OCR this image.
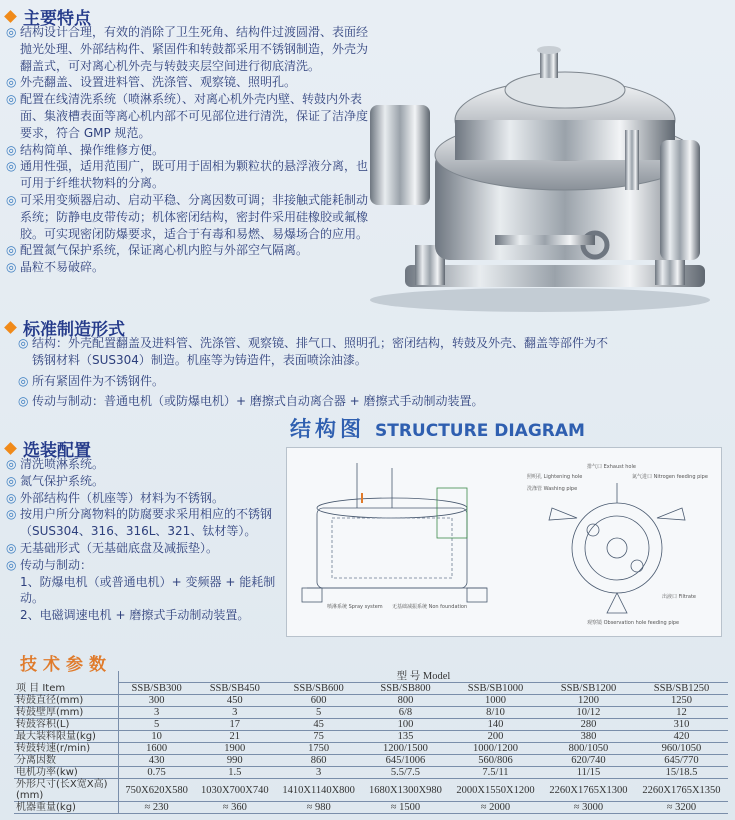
主要特点
◎ 结构设计合理，有效的消除了卫生死角、结构件过渡圆滑、表面经抛光处理、外部结构件、紧固件和转鼓都采用不锈钢制造，外壳为翻盖式，可对离心机外壳与转鼓夹层空间进行彻底清洗。
◎ 外壳翻盖、设置进料管、洗涤管、观察镜、照明孔。
◎ 配置在线清洗系统（喷淋系统）、对离心机外壳内壁、转鼓内外表面、集液槽表面等离心机内部不可见部位进行清洗，保证了洁净度要求，符合 GMP 规范。
◎ 结构简单、操作维修方便。
◎ 通用性强，适用范围广，既可用于固相为颗粒状的悬浮液分离，也可用于纤维状物料的分离。
◎ 可采用变频器启动、启动平稳、分离因数可调；非接触式能耗制动系统；防静电皮带传动；机体密闭结构，密封件采用硅橡胶或氟橡胶。可实现密闭防爆要求，适合于有毒和易燃、易爆场合的应用。
◎ 配置氮气保护系统，保证离心机内腔与外部空气隔离。
◎ 晶粒不易破碎。
标准制造形式
◎ 结构：外壳配置翻盖及进料管、洗涤管、观察镜、排气口、照明孔；密闭结构，转鼓及外壳、翻盖等部件为不锈钢材料（SUS304）制造。机座等为铸造件，表面喷涂油漆。
◎ 所有紧固件为不锈钢件。
◎ 传动与制动：普通电机（或防爆电机）+ 磨擦式自动离合器 + 磨擦式手动制动装置。
选装配置
◎ 清洗喷淋系统。
◎ 氮气保护系统。
◎ 外部结构件（机座等）材料为不锈钢。
◎ 按用户所分离物料的防腐要求采用相应的不锈钢（SUS304、316、316L、321、钛材等）。
◎ 无基础形式（无基础底盘及减振垫）。
◎ 传动与制动：
1、防爆电机（或普通电机）+ 变频器 + 能耗制动。
2、电磁调速电机 + 磨擦式手动制动装置。
结构图 STRUCTURE DIAGRAM
喷淋系统 Spray system 无基础减振系统 Non foundation
照明孔 Lightening hole
洗涤管 Washing pipe
排气口 Exhaust hole
氮气进口 Nitrogen feeding pipe
出液口 Filtrate
观察镜 Observation hole feeding pipe
技术参数
	型 号 Model						
项 目 Item	SSB/SB300	SSB/SB450	SSB/SB600	SSB/SB800	SSB/SB1000	SSB/SB1200	SSB/SB1250
转鼓直径(mm)	300	450	600	800	1000	1200	1250
转鼓壁厚(mm)	3	3	5	6/8	8/10	10/12	12
转鼓容积(L)	5	17	45	100	140	280	310
最大装料限量(kg)	10	21	75	135	200	380	420
转鼓转速(r/min)	1600	1900	1750	1200/1500	1000/1200	800/1050	960/1050
分离因数	430	990	860	645/1006	560/806	620/740	645/770
电机功率(kw)	0.75	1.5	3	5.5/7.5	7.5/11	11/15	15/18.5
外形尺寸(长X宽X高)(mm)	750X620X580	1030X700X740	1410X1140X800	1680X1300X980	2000X1550X1200	2260X1765X1300	2260X1765X1350
机器重量(kg)	≈ 230	≈ 360	≈ 980	≈ 1500	≈ 2000	≈ 3000	≈ 3200
